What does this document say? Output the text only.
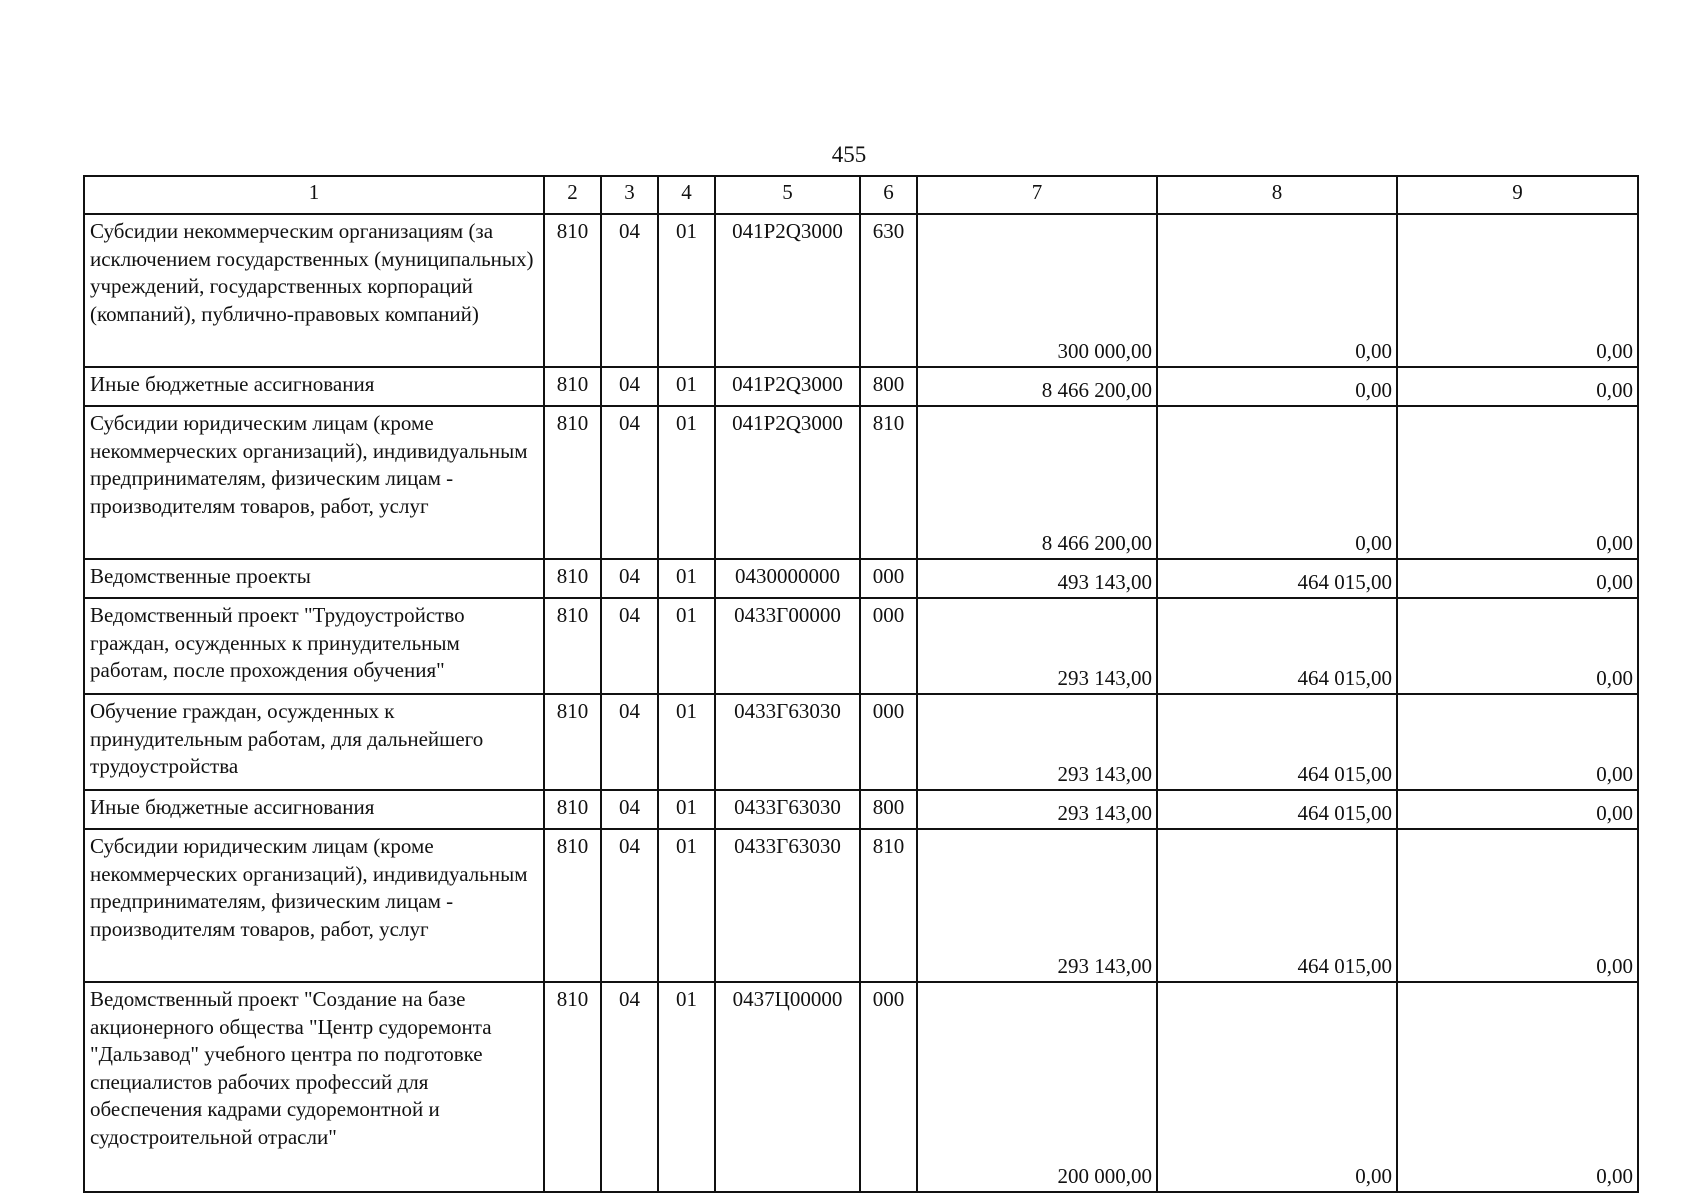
455
1	2	3	4	5	6	7	8	9
Субсидии некоммерческим организациям (за исключением государственных (муниципальных) учреждений, государственных корпораций (компаний), публично-правовых компаний)	810	04	01	041P2Q3000	630	300 000,00	0,00	0,00
Иные бюджетные ассигнования	810	04	01	041P2Q3000	800	8 466 200,00	0,00	0,00
Субсидии юридическим лицам (кроме некоммерческих организаций), индивидуальным предпринимателям, физическим лицам - производителям товаров, работ, услуг	810	04	01	041P2Q3000	810	8 466 200,00	0,00	0,00
Ведомственные проекты	810	04	01	0430000000	000	493 143,00	464 015,00	0,00
Ведомственный проект "Трудоустройство граждан, осужденных к принудительным работам, после прохождения обучения"	810	04	01	0433Г00000	000	293 143,00	464 015,00	0,00
Обучение граждан, осужденных к принудительным работам, для дальнейшего трудоустройства	810	04	01	0433Г63030	000	293 143,00	464 015,00	0,00
Иные бюджетные ассигнования	810	04	01	0433Г63030	800	293 143,00	464 015,00	0,00
Субсидии юридическим лицам (кроме некоммерческих организаций), индивидуальным предпринимателям, физическим лицам - производителям товаров, работ, услуг	810	04	01	0433Г63030	810	293 143,00	464 015,00	0,00
Ведомственный проект "Создание на базе акционерного общества "Центр судоремонта "Дальзавод" учебного центра по подготовке специалистов рабочих профессий для обеспечения кадрами судоремонтной и судостроительной отрасли"	810	04	01	0437Ц00000	000	200 000,00	0,00	0,00
